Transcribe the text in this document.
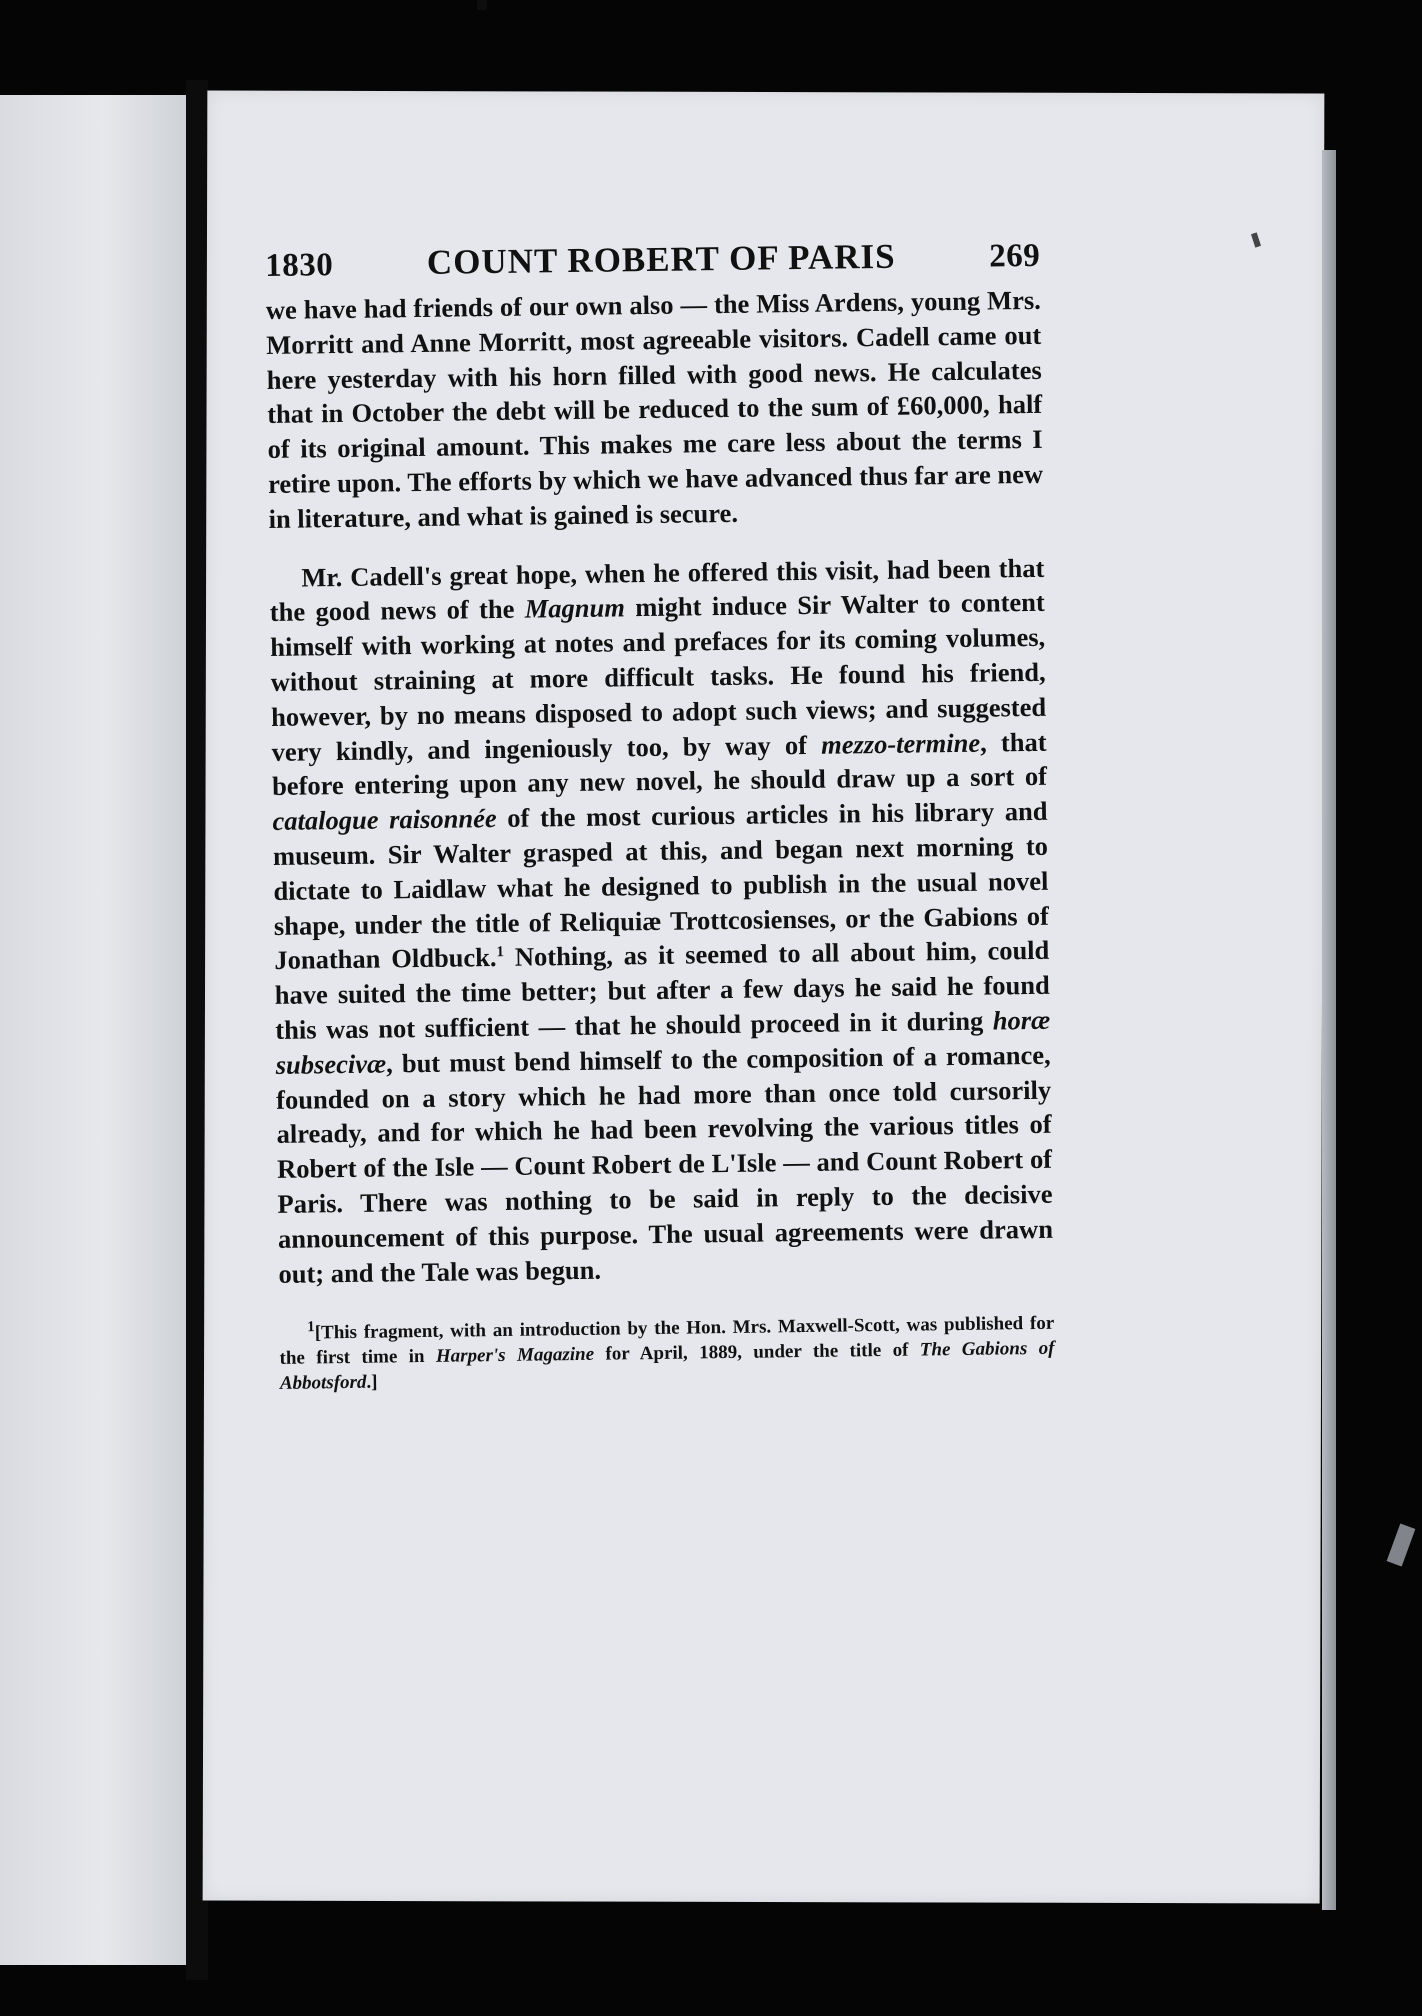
1830	COUNT ROBERT OF PARIS	269

we have had friends of our own also — the Miss Ardens, young Mrs. Morritt and Anne Morritt, most agreeable visitors. Cadell came out here yesterday with his horn filled with good news. He calculates that in October the debt will be reduced to the sum of £60,000, half of its original amount. This makes me care less about the terms I retire upon. The efforts by which we have advanced thus far are new in literature, and what is gained is secure.

Mr. Cadell's great hope, when he offered this visit, had been that the good news of the Magnum might induce Sir Walter to content himself with working at notes and prefaces for its coming volumes, without straining at more difficult tasks. He found his friend, however, by no means disposed to adopt such views; and suggested very kindly, and ingeniously too, by way of mezzo-termine, that before entering upon any new novel, he should draw up a sort of catalogue raisonnée of the most curious articles in his library and museum. Sir Walter grasped at this, and began next morning to dictate to Laidlaw what he designed to publish in the usual novel shape, under the title of Reliquiæ Trottcosienses, or the Gabions of Jonathan Oldbuck.$^1$ Nothing, as it seemed to all about him, could have suited the time better; but after a few days he said he found this was not sufficient — that he should proceed in it during horæ subsecivæ, but must bend himself to the composition of a romance, founded on a story which he had more than once told cursorily already, and for which he had been revolving the various titles of Robert of the Isle — Count Robert de L'Isle — and Count Robert of Paris. There was nothing to be said in reply to the decisive announcement of this purpose. The usual agreements were drawn out; and the Tale was begun.

$^1$[This fragment, with an introduction by the Hon. Mrs. Maxwell-Scott, was published for the first time in Harper's Magazine for April, 1889, under the title of The Gabions of Abbotsford.]
